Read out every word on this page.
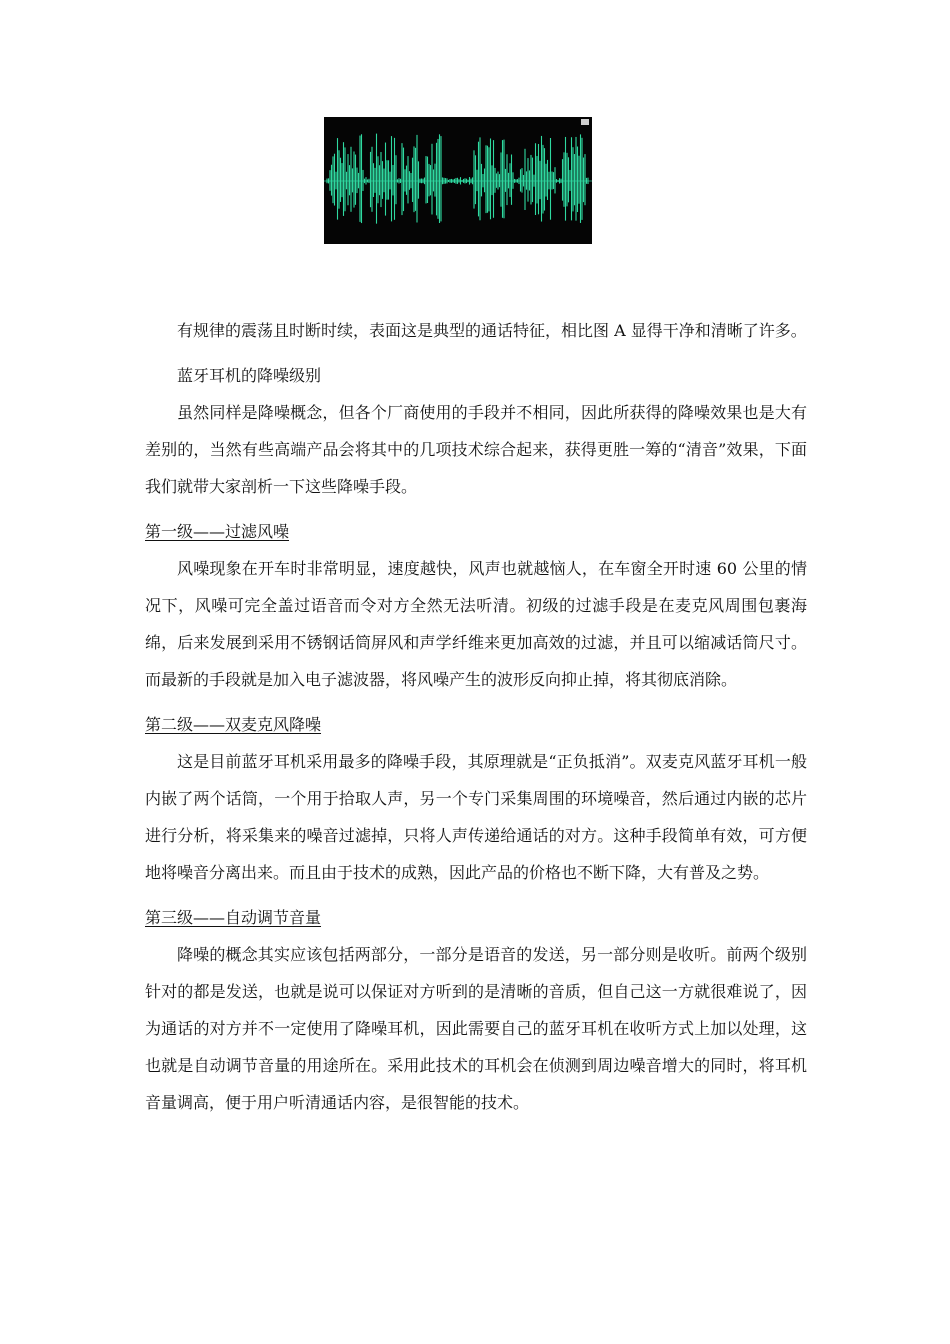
有规律的震荡且时断时续，表面这是典型的通话特征，相比图 A 显得干净和清晰了许多。

蓝牙耳机的降噪级别

虽然同样是降噪概念，但各个厂商使用的手段并不相同，因此所获得的降噪效果也是大有差别的，当然有些高端产品会将其中的几项技术综合起来，获得更胜一筹的“清音”效果，下面我们就带大家剖析一下这些降噪手段。

第一级——过滤风噪

风噪现象在开车时非常明显，速度越快，风声也就越恼人，在车窗全开时速 60 公里的情况下，风噪可完全盖过语音而令对方全然无法听清。初级的过滤手段是在麦克风周围包裹海绵，后来发展到采用不锈钢话筒屏风和声学纤维来更加高效的过滤，并且可以缩减话筒尺寸。而最新的手段就是加入电子滤波器，将风噪产生的波形反向抑止掉，将其彻底消除。

第二级——双麦克风降噪

这是目前蓝牙耳机采用最多的降噪手段，其原理就是“正负抵消”。双麦克风蓝牙耳机一般内嵌了两个话筒，一个用于拾取人声，另一个专门采集周围的环境噪音，然后通过内嵌的芯片进行分析，将采集来的噪音过滤掉，只将人声传递给通话的对方。这种手段简单有效，可方便地将噪音分离出来。而且由于技术的成熟，因此产品的价格也不断下降，大有普及之势。

第三级——自动调节音量

降噪的概念其实应该包括两部分，一部分是语音的发送，另一部分则是收听。前两个级别针对的都是发送，也就是说可以保证对方听到的是清晰的音质，但自己这一方就很难说了，因为通话的对方并不一定使用了降噪耳机，因此需要自己的蓝牙耳机在收听方式上加以处理，这也就是自动调节音量的用途所在。采用此技术的耳机会在侦测到周边噪音增大的同时，将耳机音量调高，便于用户听清通话内容，是很智能的技术。
